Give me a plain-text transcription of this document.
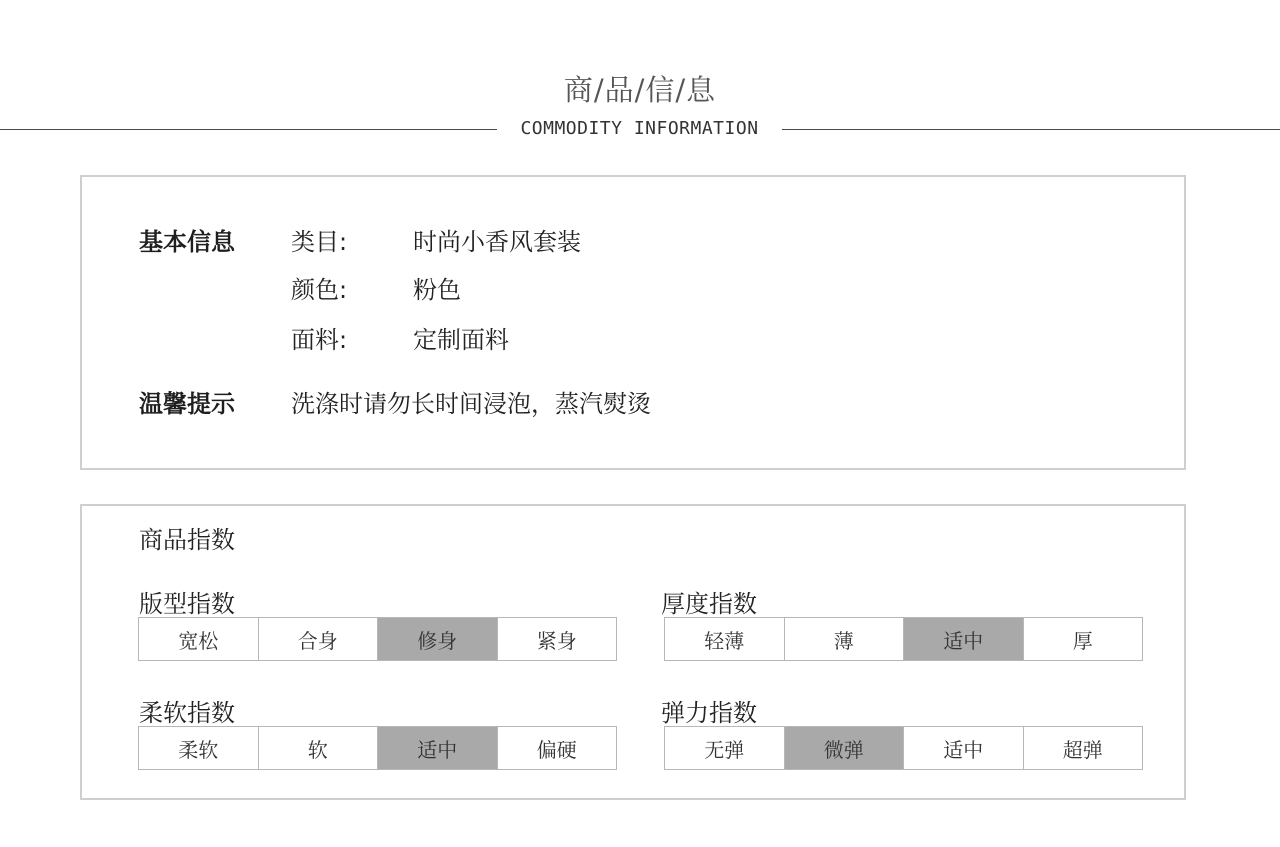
商/品/信/息
COMMODITY INFORMATION
基本信息 类目:	时尚小香风套装
颜色:	粉色
面料:	定制面料
温馨提示 洗涤时请勿长时间浸泡，蒸汽熨烫
商品指数
版型指数
宽松	合身	修身	紧身
厚度指数
轻薄	薄	适中	厚
柔软指数
柔软	软	适中	偏硬
弹力指数
无弹	微弹	适中	超弹
